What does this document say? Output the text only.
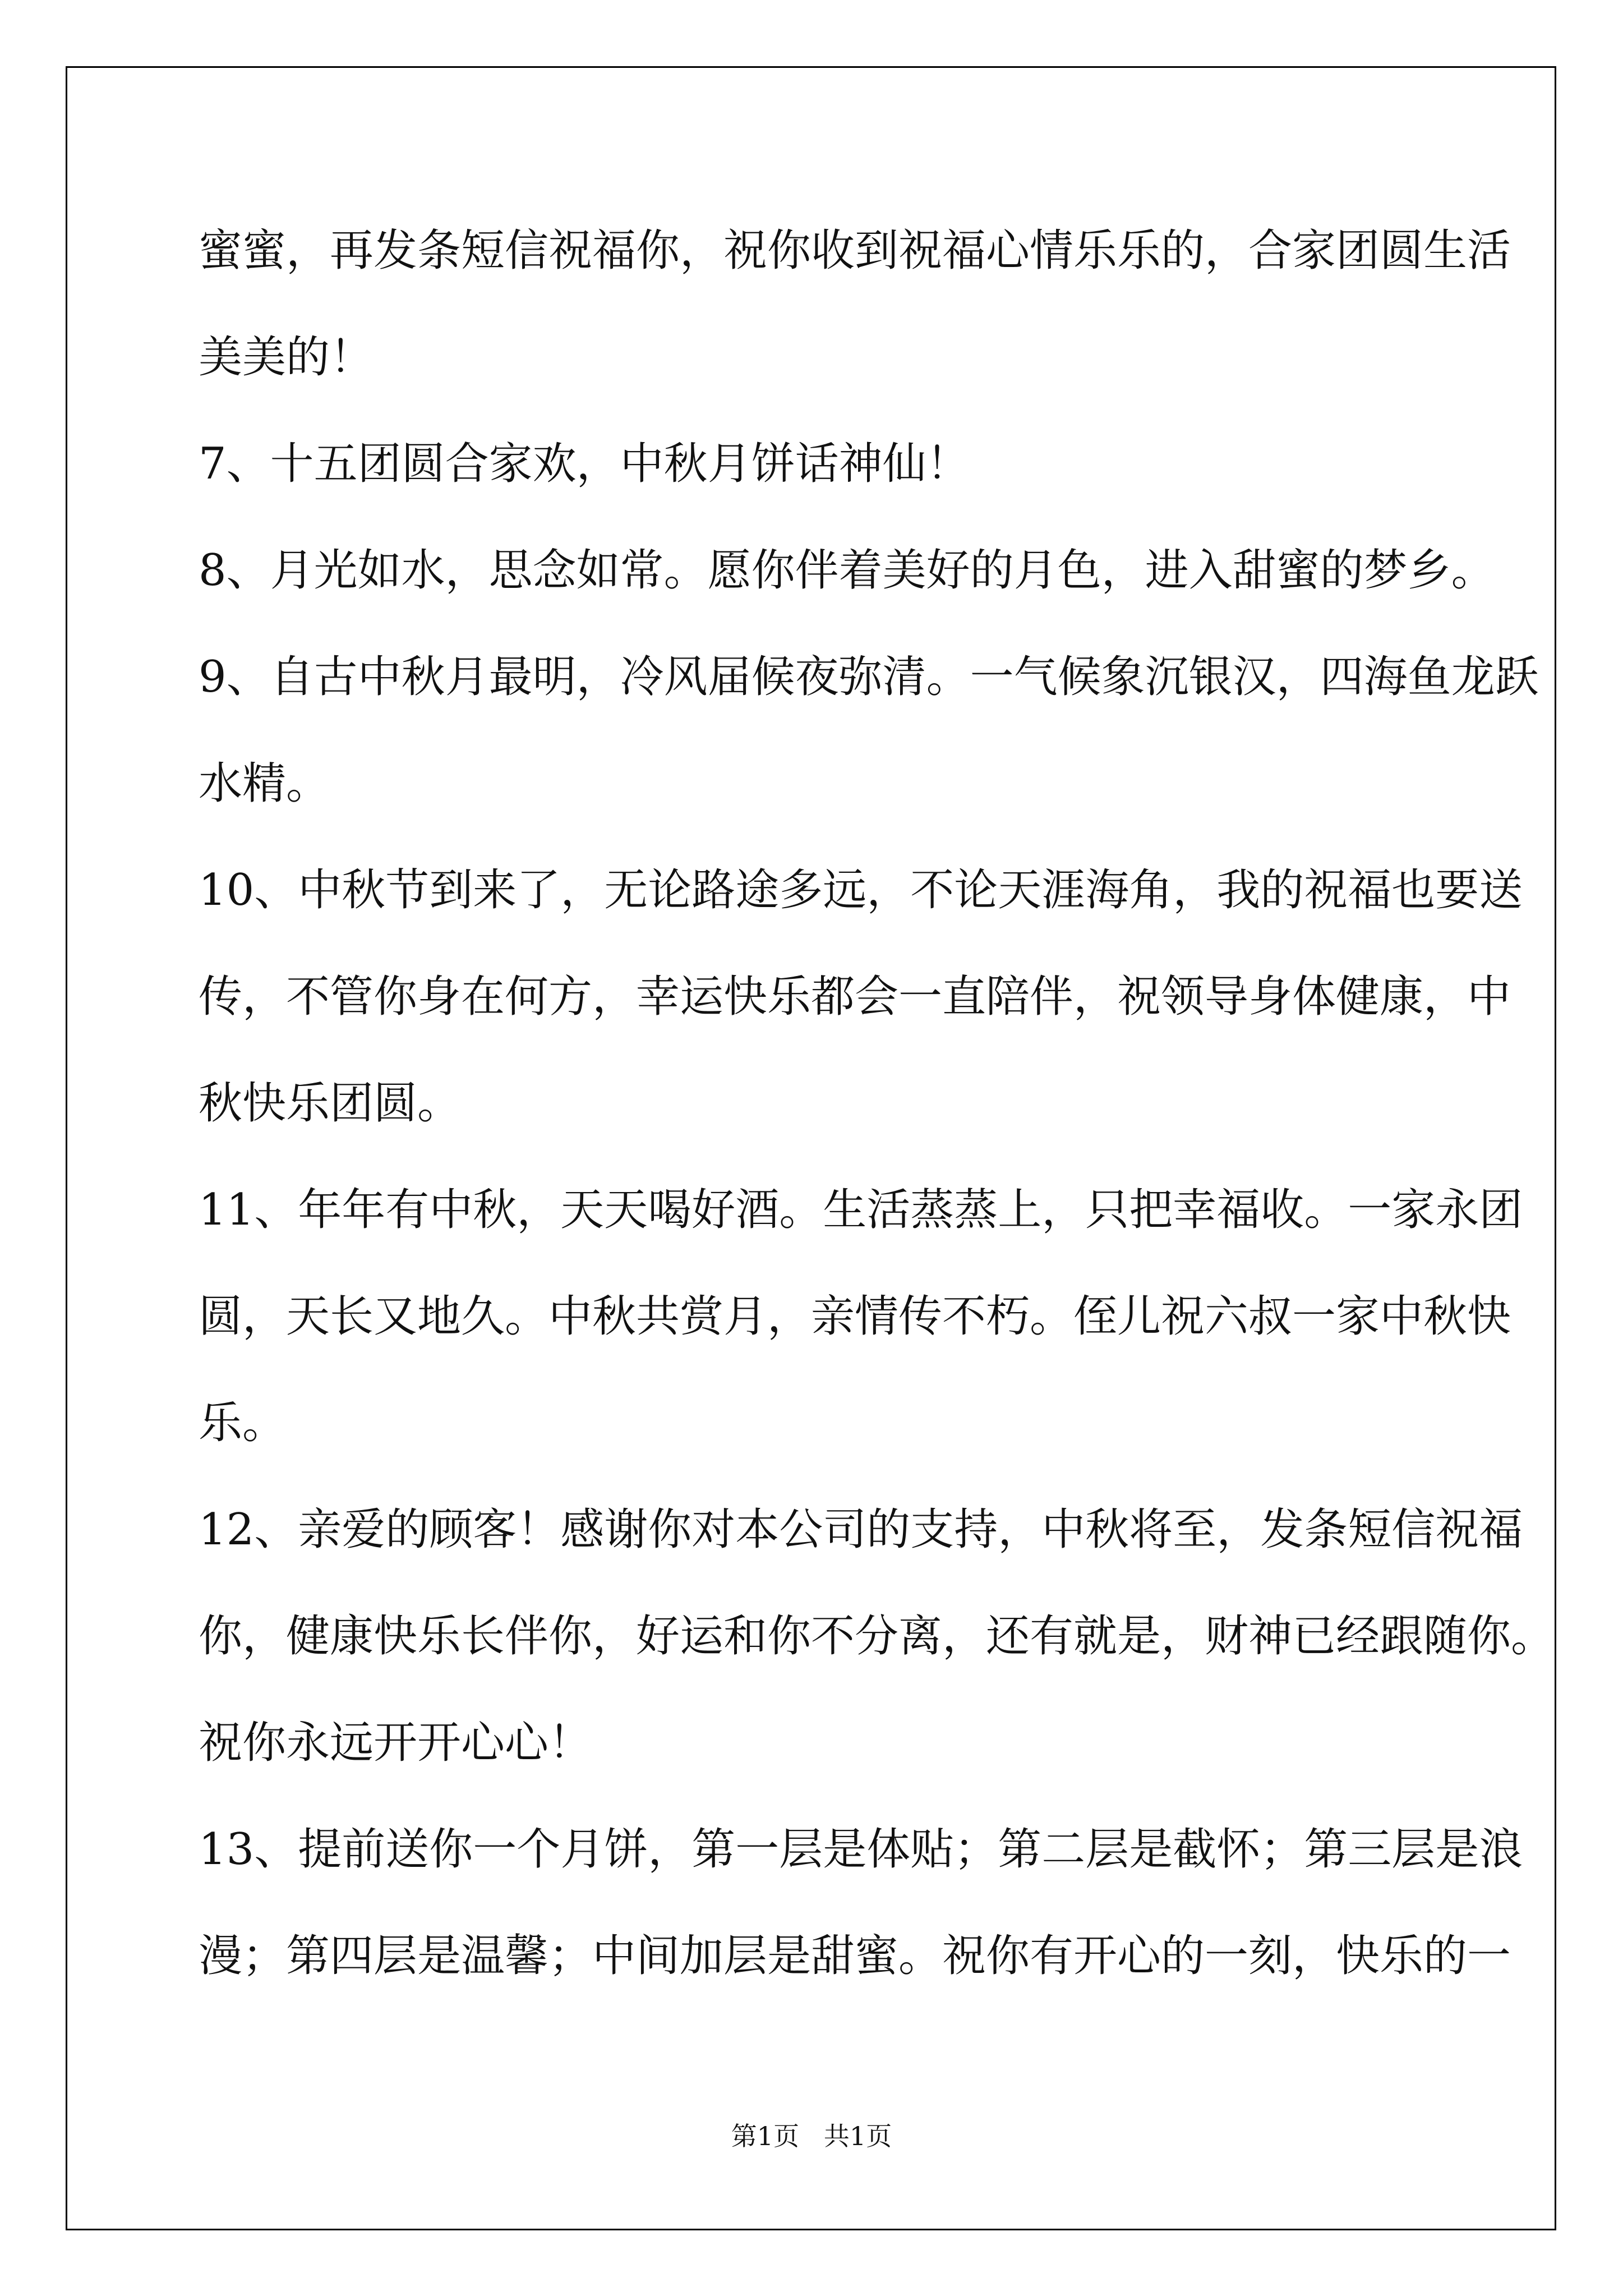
蜜蜜，再发条短信祝福你，祝你收到祝福心情乐乐的，合家团圆生活

美美的！

7、十五团圆合家欢，中秋月饼话神仙！

8、月光如水，思念如常。愿你伴着美好的月色，进入甜蜜的梦乡。

9、自古中秋月最明，冷风届候夜弥清。一气候象沉银汉，四海鱼龙跃

水精。

10、中秋节到来了，无论路途多远，不论天涯海角，我的祝福也要送

传，不管你身在何方，幸运快乐都会一直陪伴，祝领导身体健康，中

秋快乐团圆。

11、年年有中秋，天天喝好酒。生活蒸蒸上，只把幸福收。一家永团

圆，天长又地久。中秋共赏月，亲情传不朽。侄儿祝六叔一家中秋快

乐。

12、亲爱的顾客！感谢你对本公司的支持，中秋将至，发条短信祝福

你，健康快乐长伴你，好运和你不分离，还有就是，财神已经跟随你。

祝你永远开开心心！

13、提前送你一个月饼，第一层是体贴；第二层是截怀；第三层是浪

漫；第四层是温馨；中间加层是甜蜜。祝你有开心的一刻，快乐的一

第1页   共1页
